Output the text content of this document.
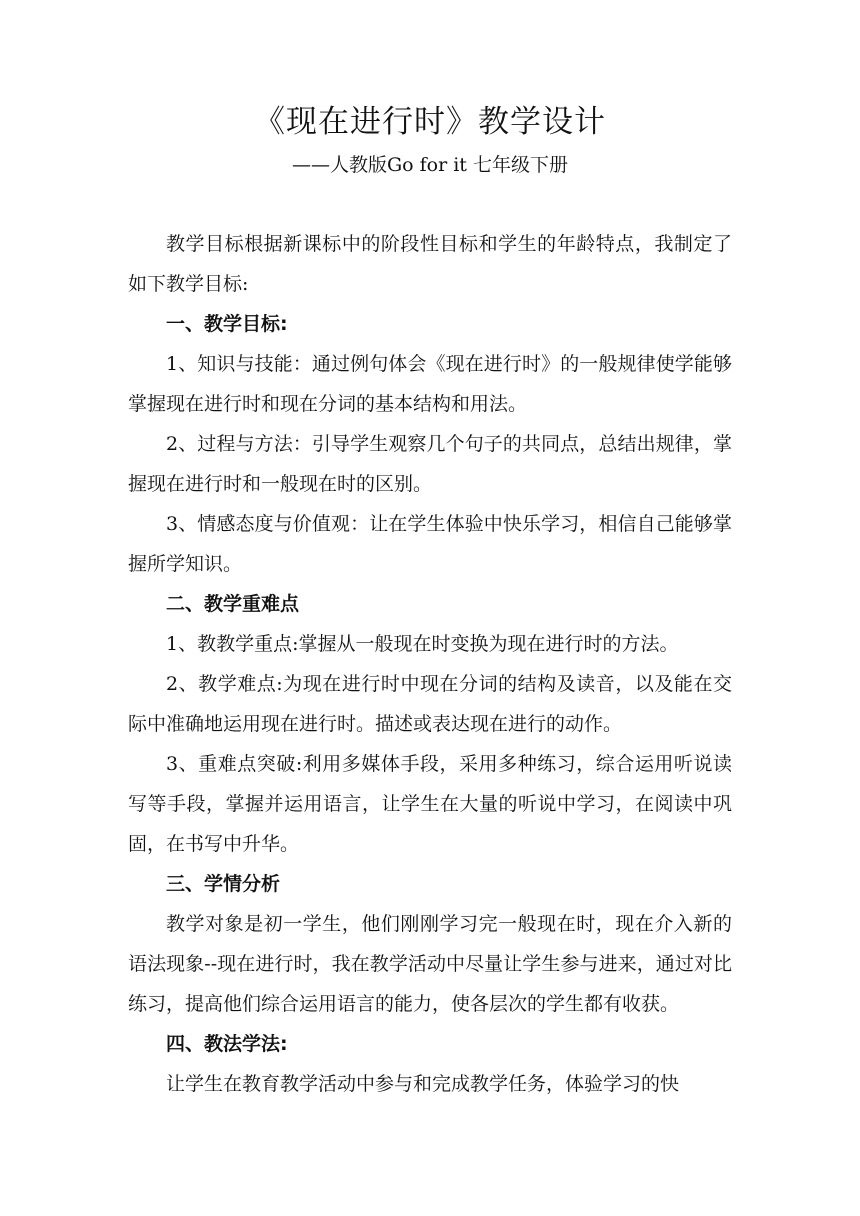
《现在进行时》教学设计
——人教版Go for it 七年级下册

教学目标根据新课标中的阶段性目标和学生的年龄特点，我制定了如下教学目标:

一、教学目标:

1、知识与技能：通过例句体会《现在进行时》的一般规律使学能够掌握现在进行时和现在分词的基本结构和用法。

2、过程与方法：引导学生观察几个句子的共同点，总结出规律，掌握现在进行时和一般现在时的区别。

3、情感态度与价值观：让在学生体验中快乐学习，相信自己能够掌握所学知识。

二、教学重难点

1、教教学重点:掌握从一般现在时变换为现在进行时的方法。

2、教学难点:为现在进行时中现在分词的结构及读音，以及能在交际中准确地运用现在进行时。描述或表达现在进行的动作。

3、重难点突破:利用多媒体手段，采用多种练习，综合运用听说读写等手段，掌握并运用语言，让学生在大量的听说中学习，在阅读中巩固，在书写中升华。

三、学情分析

教学对象是初一学生，他们刚刚学习完一般现在时，现在介入新的语法现象--现在进行时，我在教学活动中尽量让学生参与进来，通过对比练习，提高他们综合运用语言的能力，使各层次的学生都有收获。

四、教法学法:

让学生在教育教学活动中参与和完成教学任务，体验学习的快
